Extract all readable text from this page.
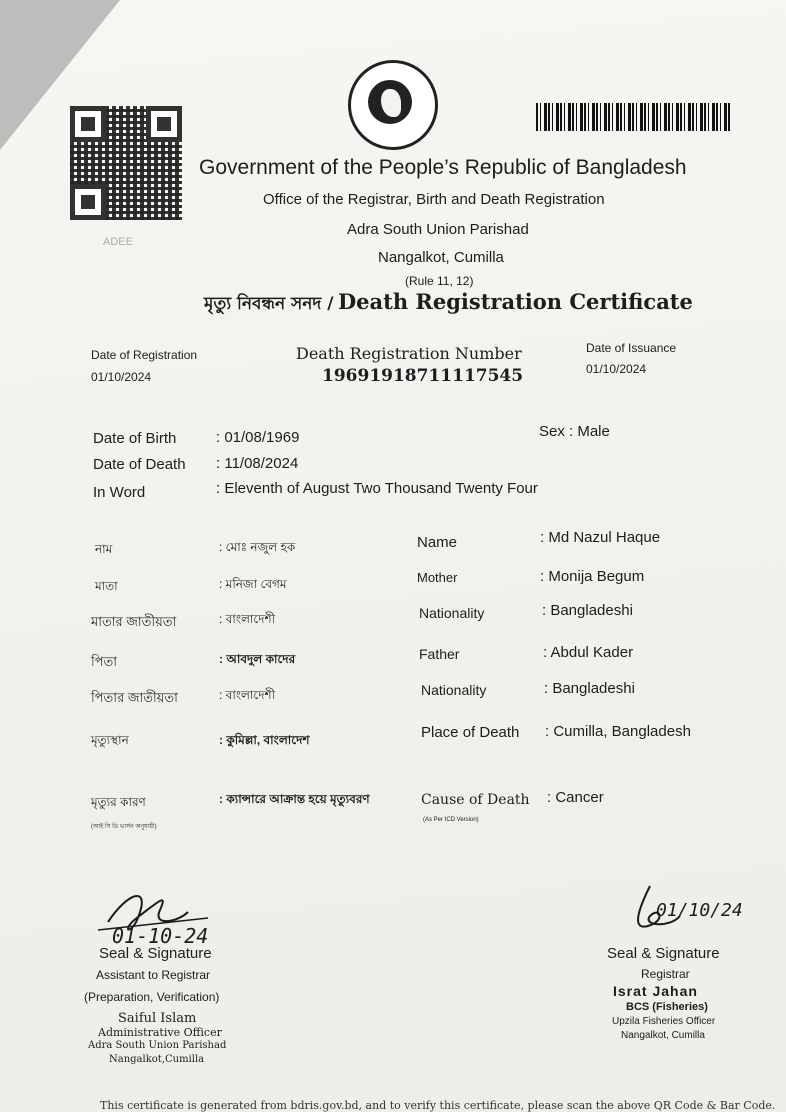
ADEE
Government of the People’s Republic of Bangladesh
Office of the Registrar, Birth and Death Registration
Adra South Union Parishad
Nangalkot, Cumilla
(Rule 11, 12)
মৃত্যু নিবন্ধন সনদ / Death Registration Certificate
Date of Registration
01/10/2024
Death Registration Number
19691918711117545
Date of Issuance
01/10/2024
Date of Birth	: 01/08/1969
Date of Death : 11/08/2024
In Word	: Eleventh of August Two Thousand Twenty Four
Sex : Male
নাম	: মোঃ নজুল হক
মাতা	: মনিজা বেগম
মাতার জাতীয়তা	: বাংলাদেশী
পিতা	: আবদুল কাদের
পিতার জাতীয়তা	: বাংলাদেশী
মৃত্যুস্থান	: কুমিল্লা, বাংলাদেশ
মৃত্যুর কারণ
(আই সি ডি ভার্সন অনুযায়ী)
: ক্যান্সারে আক্রান্ত হয়ে মৃত্যুবরণ
Name	: Md Nazul Haque
Mother	: Monija Begum
Nationality	: Bangladeshi
Father	: Abdul Kader
Nationality	: Bangladeshi
Place of Death : Cumilla, Bangladesh
Cause of Death
(As Per ICD Version)
: Cancer
01-10-24
Seal & Signature
Assistant to Registrar
(Preparation, Verification)
Saiful Islam
Administrative Officer
Adra South Union Parishad
Nangalkot,Cumilla
01/10/24
Seal & Signature
Registrar
Israt Jahan
BCS (Fisheries)
Upzila Fisheries Officer
Nangalkot, Cumilla
This certificate is generated from bdris.gov.bd, and to verify this certificate, please scan the above QR Code & Bar Code.
